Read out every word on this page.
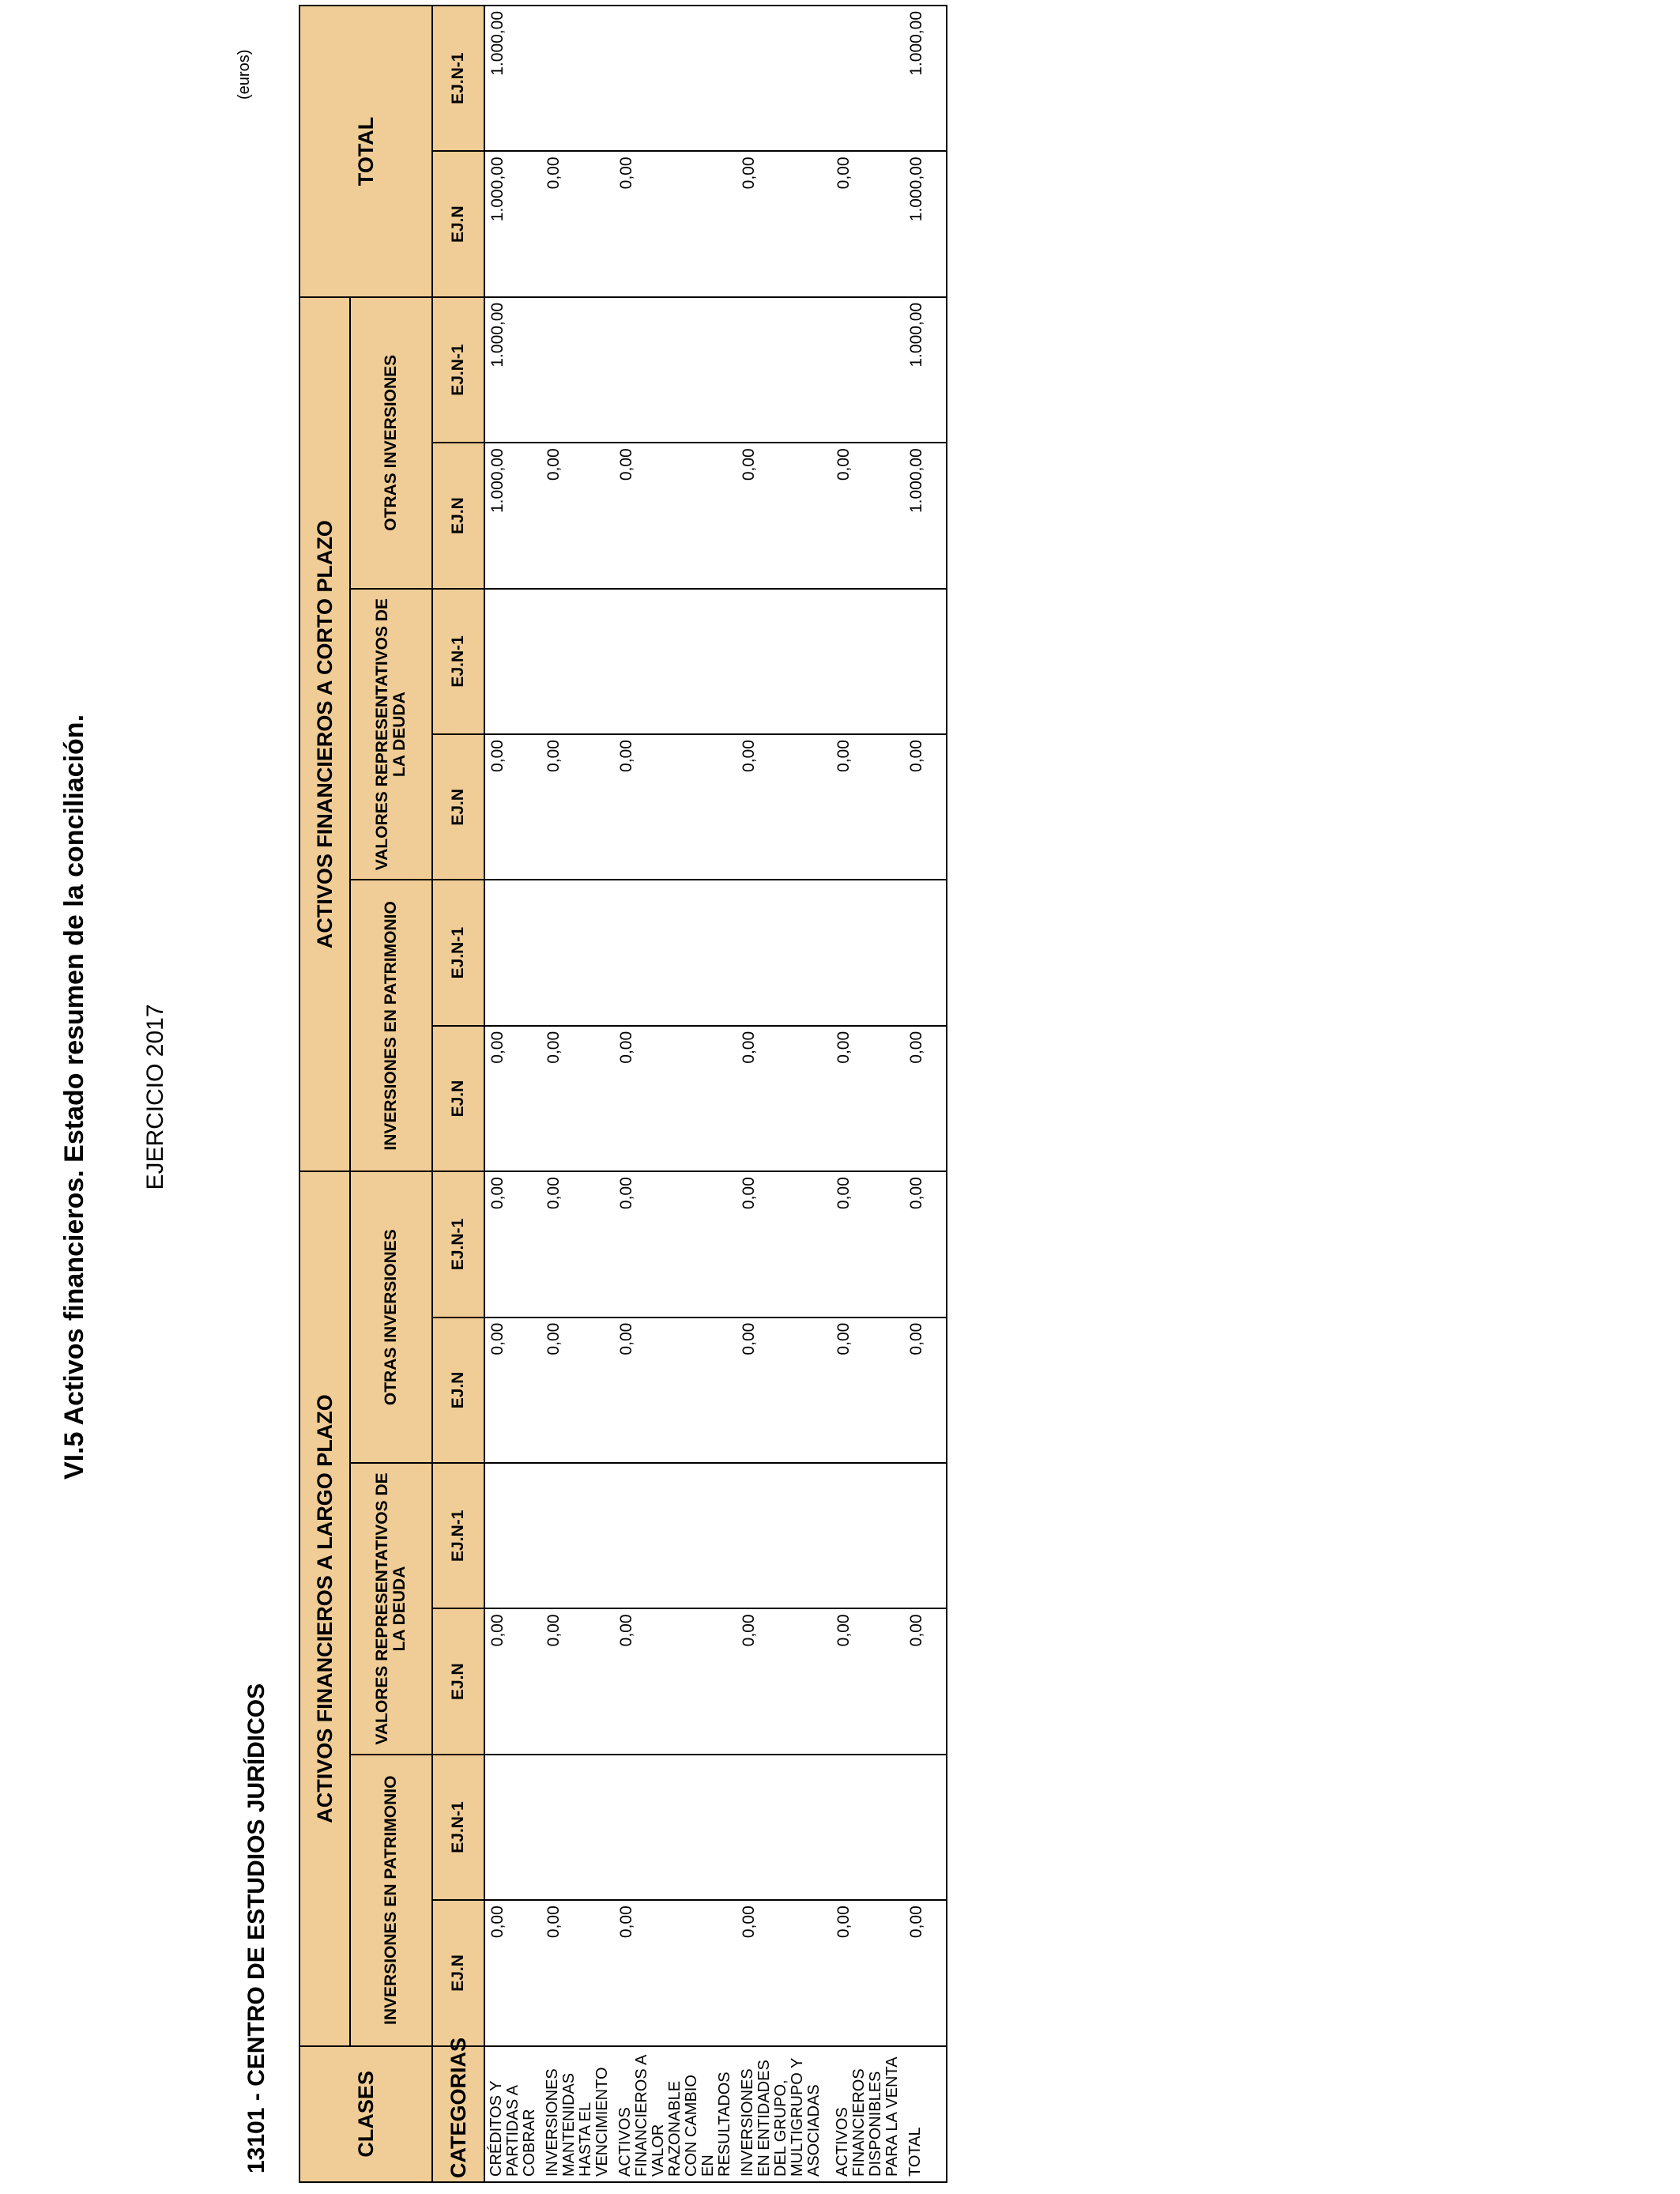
VI.5 Activos financieros. Estado resumen de la conciliación. EJERCICIO 2017
13101 - CENTRO DE ESTUDIOS JURÍDICOS
(euros)
CLASES	ACTIVOS FINANCIEROS A LARGO PLAZO						ACTIVOS FINANCIEROS A CORTO PLAZO						TOTAL	
	INVERSIONES EN PATRIMONIO		VALORES REPRESENTATIVOS DE LA DEUDA		OTRAS INVERSIONES		INVERSIONES EN PATRIMONIO		VALORES REPRESENTATIVOS DE LA DEUDA		OTRAS INVERSIONES			
CATEGORIAS	EJ.N	EJ.N-1	EJ.N	EJ.N-1	EJ.N	EJ.N-1	EJ.N	EJ.N-1	EJ.N	EJ.N-1	EJ.N	EJ.N-1	EJ.N	EJ.N-1
CRÉDITOS Y PARTIDAS A COBRAR	0,00		0,00		0,00	0,00	0,00		0,00		1.000,00	1.000,00	1.000,00	1.000,00
INVERSIONES MANTENIDAS HASTA EL VENCIMIENTO	0,00		0,00		0,00	0,00	0,00		0,00		0,00		0,00	
ACTIVOS FINANCIEROS A VALOR RAZONABLE CON CAMBIO EN RESULTADOS	0,00		0,00		0,00	0,00	0,00		0,00		0,00		0,00	
INVERSIONES EN ENTIDADES DEL GRUPO, MULTIGRUPO Y ASOCIADAS	0,00		0,00		0,00	0,00	0,00		0,00		0,00		0,00	
ACTIVOS FINANCIEROS DISPONIBLES PARA LA VENTA	0,00		0,00		0,00	0,00	0,00		0,00		0,00		0,00	
TOTAL	0,00		0,00		0,00	0,00	0,00		0,00		1.000,00	1.000,00	1.000,00	1.000,00
